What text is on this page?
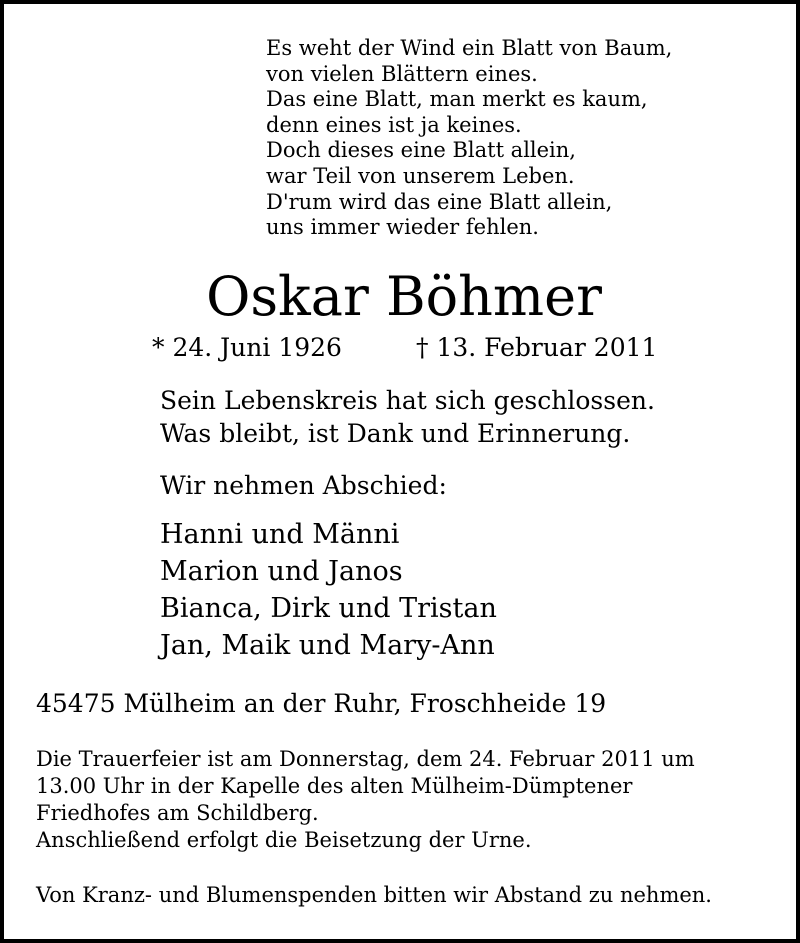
Es weht der Wind ein Blatt von Baum,
von vielen Blättern eines.
Das eine Blatt, man merkt es kaum,
denn eines ist ja keines.
Doch dieses eine Blatt allein,
war Teil von unserem Leben.
D'rum wird das eine Blatt allein,
uns immer wieder fehlen.
Oskar Böhmer
* 24. Juni 1926	† 13. Februar 2011
Sein Lebenskreis hat sich geschlossen.
Was bleibt, ist Dank und Erinnerung.
Wir nehmen Abschied:
Hanni und Männi
Marion und Janos
Bianca, Dirk und Tristan
Jan, Maik und Mary-Ann
45475 Mülheim an der Ruhr, Froschheide 19
Die Trauerfeier ist am Donnerstag, dem 24. Februar 2011 um
13.00 Uhr in der Kapelle des alten Mülheim-Dümptener
Friedhofes am Schildberg.
Anschließend erfolgt die Beisetzung der Urne.
Von Kranz- und Blumenspenden bitten wir Abstand zu nehmen.
